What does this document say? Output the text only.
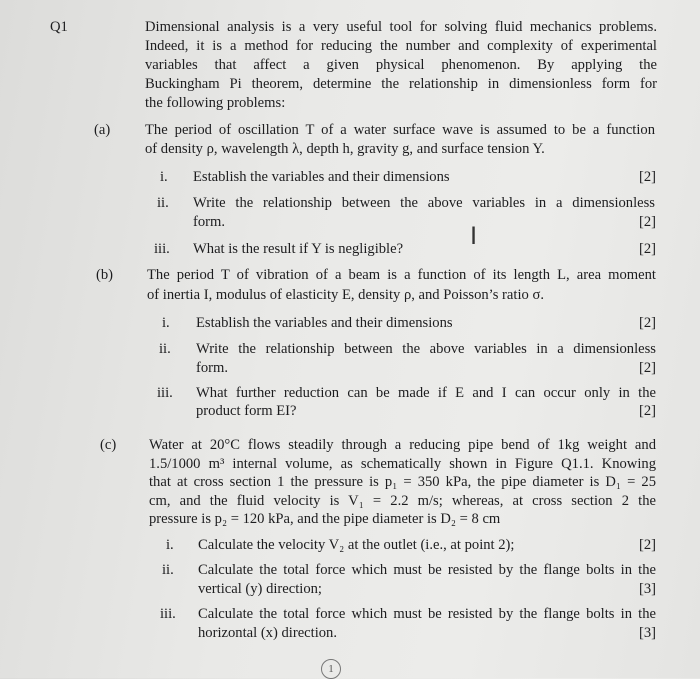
Q1	Dimensional analysis is a very useful tool for solving fluid mechanics problems.
Indeed, it is a method for reducing the number and complexity of experimental
variables that affect a given physical phenomenon. By applying the
Buckingham Pi theorem, determine the relationship in dimensionless form for
the following problems:
(a) The period of oscillation T of a water surface wave is assumed to be a function
of density ρ, wavelength λ, depth h, gravity g, and surface tension Y.
i. Establish the variables and their dimensions	[2]
ii. Write the relationship between the above variables in a dimensionless
form.	[2]
iii. What is the result if Y is negligible?	[2]
I
(b) The period T of vibration of a beam is a function of its length L, area moment
of inertia I, modulus of elasticity E, density ρ, and Poisson’s ratio σ.
i. Establish the variables and their dimensions	[2]
ii. Write the relationship between the above variables in a dimensionless
form.	[2]
iii. What further reduction can be made if E and I can occur only in the
product form EI?	[2]
(c) Water at 20°C flows steadily through a reducing pipe bend of 1kg weight and
1.5/1000 m³ internal volume, as schematically shown in Figure Q1.1. Knowing
that at cross section 1 the pressure is p₁ = 350 kPa, the pipe diameter is D₁ = 25
cm, and the fluid velocity is V₁ = 2.2 m/s; whereas, at cross section 2 the
pressure is p₂ = 120 kPa, and the pipe diameter is D₂ = 8 cm
i. Calculate the velocity V₂ at the outlet (i.e., at point 2);	[2]
ii. Calculate the total force which must be resisted by the flange bolts in the
vertical (y) direction;	[3]
iii. Calculate the total force which must be resisted by the flange bolts in the
horizontal (x) direction.	[3]
1
